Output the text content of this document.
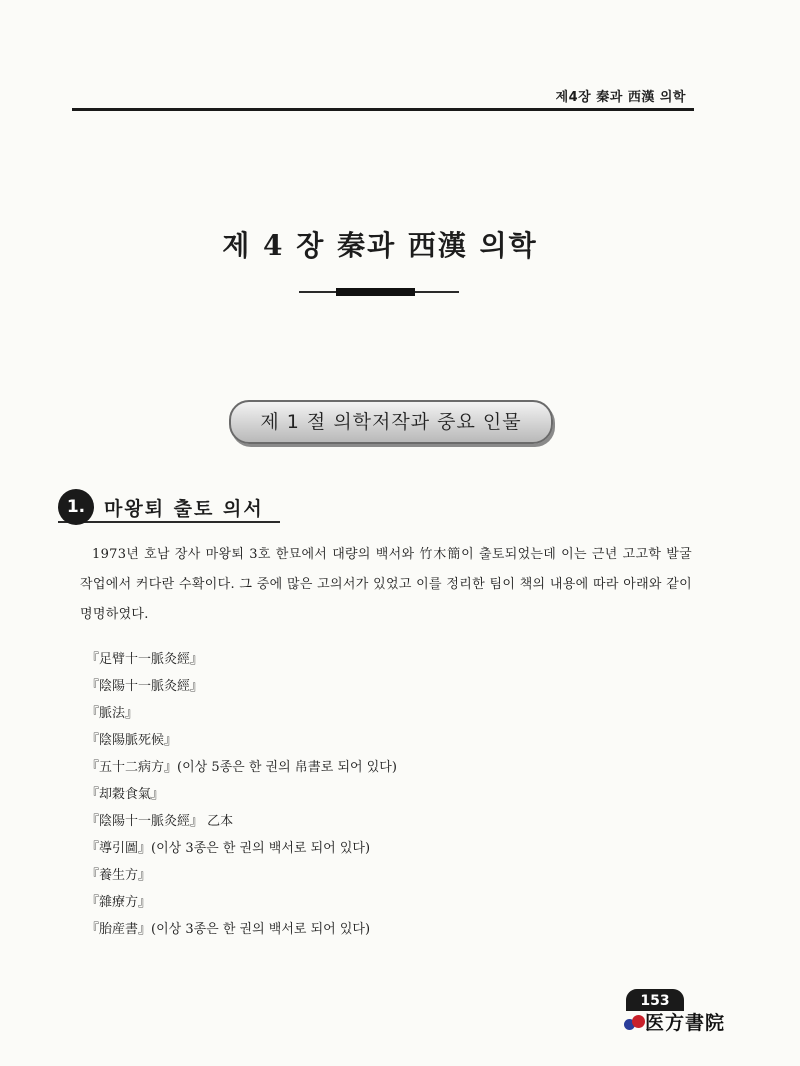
제4장 秦과 西漢 의학
제 4 장 秦과 西漢 의학
제 1 절 의학저작과 중요 인물
1. 마왕퇴 출토 의서

1973년 호남 장사 마왕퇴 3호 한묘에서 대량의 백서와 竹木簡이 출토되었는데 이는 근년 고고학 발굴 작업에서 커다란 수확이다. 그 중에 많은 고의서가 있었고 이를 정리한 팀이 책의 내용에 따라 아래와 같이 명명하였다.

『足臂十一脈灸經』
『陰陽十一脈灸經』
『脈法』
『陰陽脈死候』
『五十二病方』(이상 5종은 한 권의 帛書로 되어 있다)
『却穀食氣』
『陰陽十一脈灸經』 乙本
『導引圖』(이상 3종은 한 권의 백서로 되어 있다)
『養生方』
『雜療方』
『胎産書』(이상 3종은 한 권의 백서로 되어 있다)
153
医方書院
